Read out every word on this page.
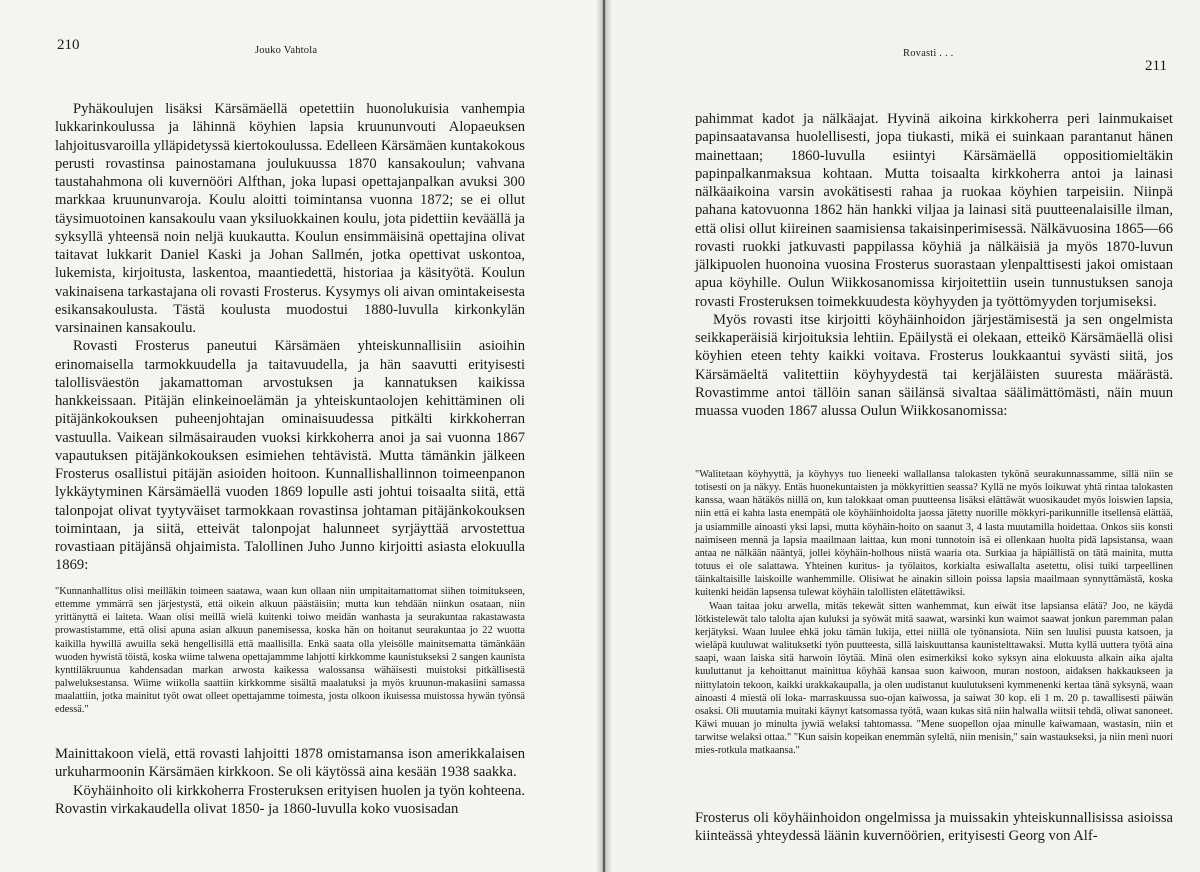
210	Jouko Vahtola

Pyhäkoulujen lisäksi Kärsämäellä opetettiin huonolukuisia vanhempia lukkarinkoulussa ja lähinnä köyhien lapsia kruununvouti Alopaeuksen lahjoitusvaroilla ylläpidetyssä kiertokoulussa. Edelleen Kärsämäen kuntakokous perusti rovastinsa painostamana joulukuussa 1870 kansakoulun; vahvana taustahahmona oli kuvernööri Alfthan, joka lupasi opettajanpalkan avuksi 300 markkaa kruununvaroja. Koulu aloitti toimintansa vuonna 1872; se ei ollut täysimuotoinen kansakoulu vaan yksiluokkainen koulu, jota pidettiin keväällä ja syksyllä yhteensä noin neljä kuukautta. Koulun ensimmäisinä opettajina olivat taitavat lukkarit Daniel Kaski ja Johan Sallmén, jotka opettivat uskontoa, lukemista, kirjoitusta, laskentoa, maantiedettä, historiaa ja käsityötä. Koulun vakinaisena tarkastajana oli rovasti Frosterus. Kysymys oli aivan omintakeisesta esikansakoulusta. Tästä koulusta muodostui 1880-luvulla kirkonkylän varsinainen kansakoulu.

Rovasti Frosterus paneutui Kärsämäen yhteiskunnallisiin asioihin erinomaisella tarmokkuudella ja taitavuudella, ja hän saavutti erityisesti talollisväestön jakamattoman arvostuksen ja kannatuksen kaikissa hankkeissaan. Pitäjän elinkeinoelämän ja yhteiskuntaolojen kehittäminen oli pitäjänkokouksen puheenjohtajan ominaisuudessa pitkälti kirkkoherran vastuulla. Vaikean silmäsairauden vuoksi kirkkoherra anoi ja sai vuonna 1867 vapautuksen pitäjänkokouksen esimiehen tehtävistä. Mutta tämänkin jälkeen Frosterus osallistui pitäjän asioiden hoitoon. Kunnallishallinnon toimeenpanon lykkäytyminen Kärsämäellä vuoden 1869 lopulle asti johtui toisaalta siitä, että talonpojat olivat tyytyväiset tarmokkaan rovastinsa johtaman pitäjänkokouksen toimintaan, ja siitä, etteivät talonpojat halunneet syrjäyttää arvostettua rovastiaan pitäjänsä ohjaimista. Talollinen Juho Junno kirjoitti asiasta elokuulla 1869:

"Kunnanhallitus olisi meilläkin toimeen saatawa, waan kun ollaan niin umpitaitamattomat siihen toimitukseen, ettemme ymmärrä sen järjestystä, että oikein alkuun päästäisiin; mutta kun tehdään niinkun osataan, niin yrittänyttä ei laiteta. Waan olisi meillä wielä kuitenki toiwo meidän wanhasta ja seurakuntaa rakastawasta prowastistamme, että olisi apuna asian alkuun panemisessa, koska hän on hoitanut seurakuntaa jo 22 wuotta kaikilla hywillä awuilla sekä hengellisillä että maallisilla. Enkä saata olla yleisölle mainitsematta tämänkään wuoden hywistä töistä, koska wiime talwena opettajammme lahjotti kirkkomme kaunistukseksi 2 sangen kaunista kynttiläkruunua kahdensadan markan arwosta kaikessa walossansa wähäisesti muistoksi pitkällisestä palweluksestansa. Wiime wiikolla saattiin kirkkomme sisältä maalatuksi ja myös kruunun-makasiini samassa maalattiin, jotka mainitut työt owat olleet opettajamme toimesta, josta olkoon ikuisessa muistossa hywän työnsä edessä."

Mainittakoon vielä, että rovasti lahjoitti 1878 omistamansa ison amerikkalaisen urkuharmoonin Kärsämäen kirkkoon. Se oli käytössä aina kesään 1938 saakka.

Köyhäinhoito oli kirkkoherra Frosteruksen erityisen huolen ja työn kohteena. Rovastin virkakaudella olivat 1850- ja 1860-luvulla koko vuosisadan

Rovasti . . .
211

pahimmat kadot ja nälkäajat. Hyvinä aikoina kirkkoherra peri lainmukaiset papinsaatavansa huolellisesti, jopa tiukasti, mikä ei suinkaan parantanut hänen mainettaan; 1860-luvulla esiintyi Kärsämäellä oppositiomieltäkin papinpalkanmaksua kohtaan. Mutta toisaalta kirkkoherra antoi ja lainasi nälkäaikoina varsin avokätisesti rahaa ja ruokaa köyhien tarpeisiin. Niinpä pahana katovuonna 1862 hän hankki viljaa ja lainasi sitä puutteenalaisille ilman, että olisi ollut kiireinen saamisiensa takaisinperimisessä. Nälkävuosina 1865—66 rovasti ruokki jatkuvasti pappilassa köyhiä ja nälkäisiä ja myös 1870-luvun jälkipuolen huonoina vuosina Frosterus suorastaan ylenpalttisesti jakoi omistaan apua köyhille. Oulun Wiikkosanomissa kirjoitettiin usein tunnustuksen sanoja rovasti Frosteruksen toimekkuudesta köyhyyden ja työttömyyden torjumiseksi.

Myös rovasti itse kirjoitti köyhäinhoidon järjestämisestä ja sen ongelmista seikkaperäisiä kirjoituksia lehtiin. Epäilystä ei olekaan, etteikö Kärsämäellä olisi köyhien eteen tehty kaikki voitava. Frosterus loukkaantui syvästi siitä, jos Kärsämäeltä valitettiin köyhyydestä tai kerjäläisten suuresta määrästä. Rovastimme antoi tällöin sanan säilänsä sivaltaa säälimättömästi, näin muun muassa vuoden 1867 alussa Oulun Wiikkosanomissa:

"Walitetaan köyhyyttä, ja köyhyys tuo lieneeki wallallansa talokasten tykönä seurakunnassamme, sillä niin se totisesti on ja näkyy. Entäs huonekuntaisten ja mökkyrittien seassa? Kyllä ne myös loikuwat yhtä rintaa talokasten kanssa, waan hätäkös niillä on, kun talokkaat oman puutteensa lisäksi elättäwät wuosikaudet myös loiswien lapsia, niin että ei kahta lasta enempätä ole köyhäinhoidolta jaossa jätetty nuorille mökkyri-parikunnille itsellensä elättää, ja usiammille ainoasti yksi lapsi, mutta köyhäin-hoito on saanut 3, 4 lasta muutamilla hoidettaa. Onkos siis konsti naimiseen mennä ja lapsia maailmaan laittaa, kun moni tunnotoin isä ei ollenkaan huolta pidä lapsistansa, waan antaa ne nälkään nääntyä, jollei köyhäin-holhous niistä waaria ota. Surkiaa ja häpiällistä on tätä mainita, mutta totuus ei ole salattawa. Yhteinen kuritus- ja työlaitos, korkialta esiwallalta asetettu, olisi tuiki tarpeellinen täinkaltaisille laiskoille wanhemmille. Olisiwat he ainakin silloin poissa lapsia maailmaan synnyttämästä, koska kuitenki heidän lapsensa tulewat köyhäin talollisten elätettäwiksi.

Waan taitaa joku arwella, mitäs tekewät sitten wanhemmat, kun eiwät itse lapsiansa elätä? Joo, ne käydä lötkistelewät talo talolta ajan kuluksi ja syöwät mitä saawat, warsinki kun waimot saawat jonkun paremman palan kerjätyksi. Waan luulee ehkä joku tämän lukija, ettei niillä ole työnansiota. Niin sen luulisi puusta katsoen, ja wieläpä kuuluwat walituksetki työn puutteesta, sillä laiskuuttansa kaunistelttawaksi. Mutta kyllä uuttera työtä aina saapi, waan laiska sitä harwoin löytää. Minä olen esimerkiksi koko syksyn aina elokuusta alkain aika ajalta kuuluttanut ja kehoittanut mainittua köyhää kansaa suon kaiwoon, muran nostoon, aidaksen hakkaukseen ja niittylatoin tekoon, kaikki urakkakaupalla, ja olen uudistanut kuulutukseni kymmenenki kertaa tänä syksynä, waan ainoasti 4 miestä oli loka- marraskuussa suo-ojan kaiwossa, ja saiwat 30 kop. eli 1 m. 20 p. tawallisesti päiwän osaksi. Oli muutamia muitaki käynyt katsomassa työtä, waan kukas sitä niin halwalla wiitsii tehdä, oliwat sanoneet. Käwi muuan jo minulta jywiä welaksi tahtomassa. "Mene suopellon ojaa minulle kaiwamaan, wastasin, niin et tarwitse welaksi ottaa." "Kun saisin kopeikan enemmän syleltä, niin menisin," sain wastaukseksi, ja niin meni nuori mies-rotkula matkaansa."

Frosterus oli köyhäinhoidon ongelmissa ja muissakin yhteiskunnallisissa asioissa kiinteässä yhteydessä läänin kuvernöörien, erityisesti Georg von Alf-
